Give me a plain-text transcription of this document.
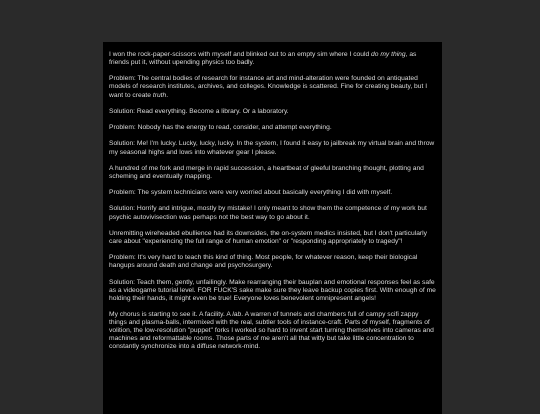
I won the rock-paper-scissors with myself and blinked out to an empty sim where I could do my thing, as friends put it, without upending physics too badly.

Problem: The central bodies of research for instance art and mind-alteration were founded on antiquated models of research institutes, archives, and colleges. Knowledge is scattered. Fine for creating beauty, but I want to create truth.

Solution: Read everything. Become a library. Or a laboratory.

Problem: Nobody has the energy to read, consider, and attempt everything.

Solution: Me! I'm lucky. Lucky, lucky, lucky. In the system, I found it easy to jailbreak my virtual brain and throw my seasonal highs and lows into whatever gear I please.

A hundred of me fork and merge in rapid succession, a heartbeat of gleeful branching thought, plotting and scheming and eventually mapping.

Problem: The system technicians were very worried about basically everything I did with myself.

Solution: Horrify and intrigue, mostly by mistake! I only meant to show them the competence of my work but psychic autovivisection was perhaps not the best way to go about it.

Unremitting wireheaded ebullience had its downsides, the on-system medics insisted, but I don't particularly care about "experiencing the full range of human emotion" or "responding appropriately to tragedy"!

Problem: It's very hard to teach this kind of thing. Most people, for whatever reason, keep their biological hangups around death and change and psychosurgery.

Solution: Teach them, gently, unfailingly. Make rearranging their bauplan and emotional responses feel as safe as a videogame tutorial level. FOR FUCK'S sake make sure they leave backup copies first. With enough of me holding their hands, it might even be true! Everyone loves benevolent omnipresent angels!

My chorus is starting to see it. A facility. A lab. A warren of tunnels and chambers full of campy scifi zappy things and plasma-balls, intermixed with the real, subtler tools of instance-craft. Parts of myself, fragments of volition, the low-resolution "puppet" forks I worked so hard to invent start turning themselves into cameras and machines and reformattable rooms. Those parts of me aren't all that witty but take little concentration to constantly synchronize into a diffuse network-mind.
